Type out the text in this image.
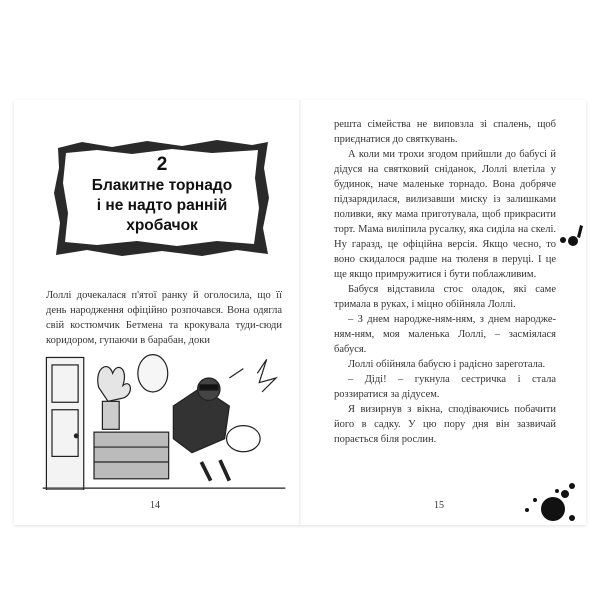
2
Блакитне торнадо
і не надто ранній
хробачок

Лоллі дочекалася п'ятої ранку й оголосила, що її день народження офіційно розпочався. Вона одягла свій костюмчик Бетмена та крокувала туди-сюди коридором, гупаючи в барабан, доки

14

решта сімейства не виповзла зі спалень, щоб приєднатися до святкувань.

А коли ми трохи згодом прийшли до бабусі й дідуся на святковий сніданок, Лоллі влетіла у будинок, наче маленьке торнадо. Вона добряче підзарядилася, вилизавши миску із залишками поливки, яку мама приготувала, щоб прикрасити торт. Мама виліпила русалку, яка сиділа на скелі. Ну гаразд, це офіційна версія. Якщо чесно, то воно скидалося радше на тюленя в перуці. І це ще якщо примружитися і бути поблажливим.

Бабуся відставила стос оладок, які саме тримала в руках, і міцно обійняла Лоллі.

– З днем народже-ням-ням, з днем народже-ням-ням, моя маленька Лоллі, – засміялася бабуся.

Лоллі обійняла бабусю і радісно зареготала.

– Діді! – гукнула сестричка і стала роззиратися за дідусем.

Я визирнув з вікна, сподіваючись побачити його в садку. У цю пору дня він зазвичай порається біля рослин.

15
